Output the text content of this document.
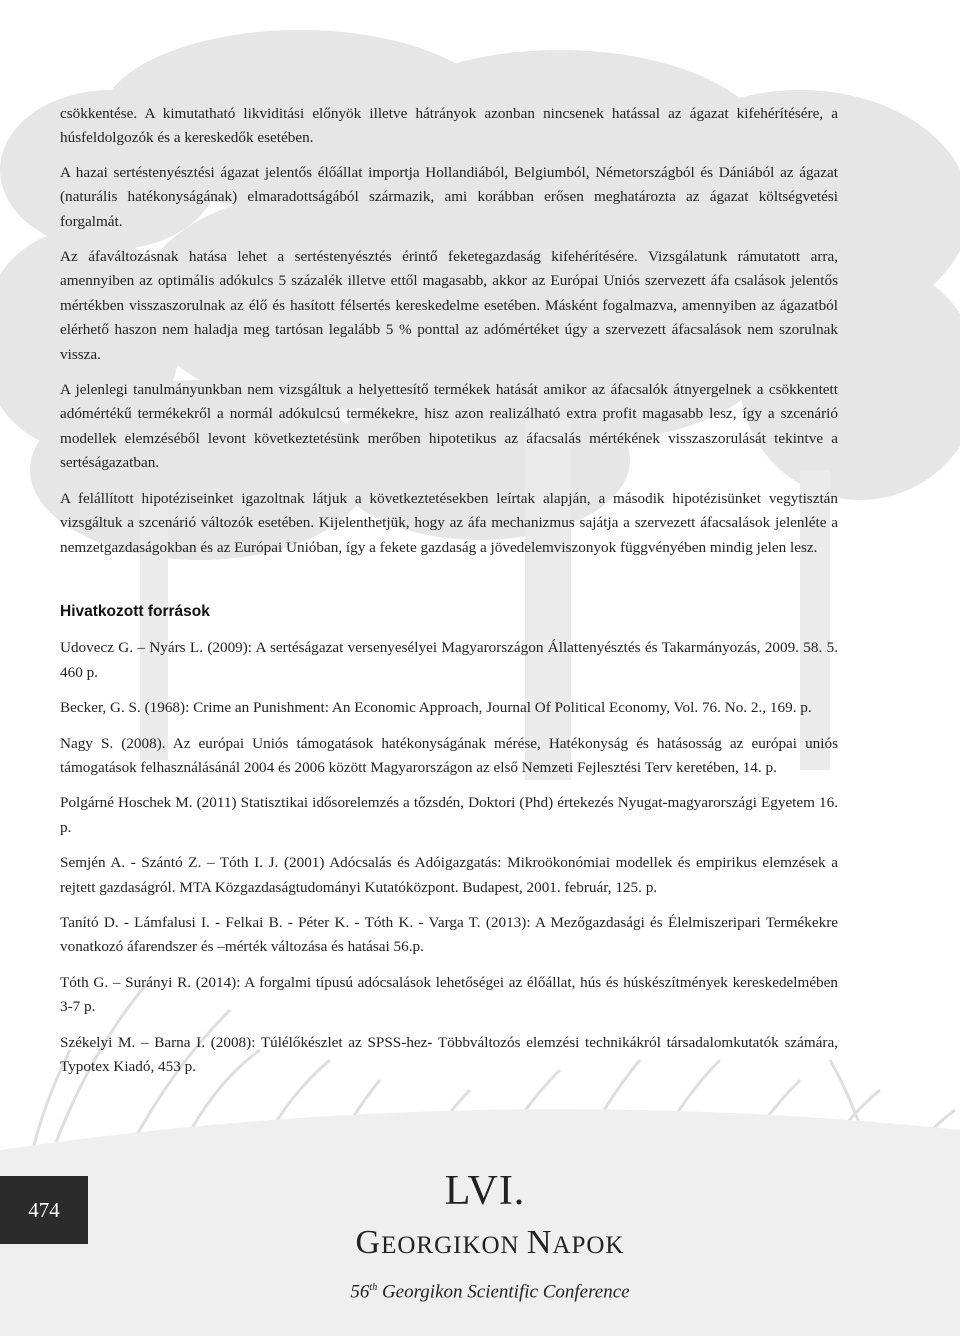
csökkentése. A kimutatható likviditási előnyök illetve hátrányok azonban nincsenek hatással az ágazat kifehérítésére, a húsfeldolgozók és a kereskedők esetében.

A hazai sertéstenyésztési ágazat jelentős élőállat importja Hollandiából, Belgiumból, Németországból és Dániából az ágazat (naturális hatékonyságának) elmaradottságából származik, ami korábban erősen meghatározta az ágazat költségvetési forgalmát.

Az áfaváltozásnak hatása lehet a sertéstenyésztés érintő feketegazdaság kifehérítésére. Vizsgálatunk rámutatott arra, amennyiben az optimális adókulcs 5 százalék illetve ettől magasabb, akkor az Európai Uniós szervezett áfa csalások jelentős mértékben visszaszorulnak az élő és hasított félsertés kereskedelme esetében. Másként fogalmazva, amennyiben az ágazatból elérhető haszon nem haladja meg tartósan legalább 5 % ponttal az adómértéket úgy a szervezett áfacsalások nem szorulnak vissza.

A jelenlegi tanulmányunkban nem vizsgáltuk a helyettesítő termékek hatását amikor az áfacsalók átnyergelnek a csökkentett adómértékű termékekről a normál adókulcsú termékekre, hisz azon realizálható extra profit magasabb lesz, így a szcenárió modellek elemzéséből levont következtetésünk merőben hipotetikus az áfacsalás mértékének visszaszorulását tekintve a sertéságazatban.

A felállított hipotéziseinket igazoltnak látjuk a következtetésekben leírtak alapján, a második hipotézisünket vegytisztán vizsgáltuk a szcenárió változók esetében. Kijelenthetjük, hogy az áfa mechanizmus sajátja a szervezett áfacsalások jelenléte a nemzetgazdaságokban és az Európai Unióban, így a fekete gazdaság a jövedelemviszonyok függvényében mindig jelen lesz.

Hivatkozott források

Udovecz G. – Nyárs L. (2009): A sertéságazat versenyesélyei Magyarországon Állattenyésztés és Takarmányozás, 2009. 58. 5. 460 p.

Becker, G. S. (1968): Crime an Punishment: An Economic Approach, Journal Of Political Economy, Vol. 76. No. 2., 169. p.

Nagy S. (2008). Az európai Uniós támogatások hatékonyságának mérése, Hatékonyság és hatásosság az európai uniós támogatások felhasználásánál 2004 és 2006 között Magyarországon az első Nemzeti Fejlesztési Terv keretében, 14. p.

Polgárné Hoschek M. (2011) Statisztikai idősorelemzés a tőzsdén, Doktori (Phd) értekezés Nyugat-magyarországi Egyetem 16. p.

Semjén A. - Szántó Z. – Tóth I. J. (2001) Adócsalás és Adóigazgatás: Mikroökonómiai modellek és empirikus elemzések a rejtett gazdaságról. MTA Közgazdaságtudományi Kutatóközpont. Budapest, 2001. február, 125. p.

Tanító D. - Lámfalusi I. - Felkai B. - Péter K. - Tóth K. - Varga T. (2013): A Mezőgazdasági és Élelmiszeripari Termékekre vonatkozó áfarendszer és –mérték változása és hatásai 56.p.

Tóth G. – Surányi R. (2014): A forgalmi típusú adócsalások lehetőségei az élőállat, hús és húskészítmények kereskedelmében 3-7 p.

Székelyi M. – Barna I. (2008): Túlélőkészlet az SPSS-hez- Többváltozós elemzési technikákról társadalomkutatók számára, Typotex Kiadó, 453 p.

474	LVI.
GEORGIKON NAPOK
56th Georgikon Scientific Conference
